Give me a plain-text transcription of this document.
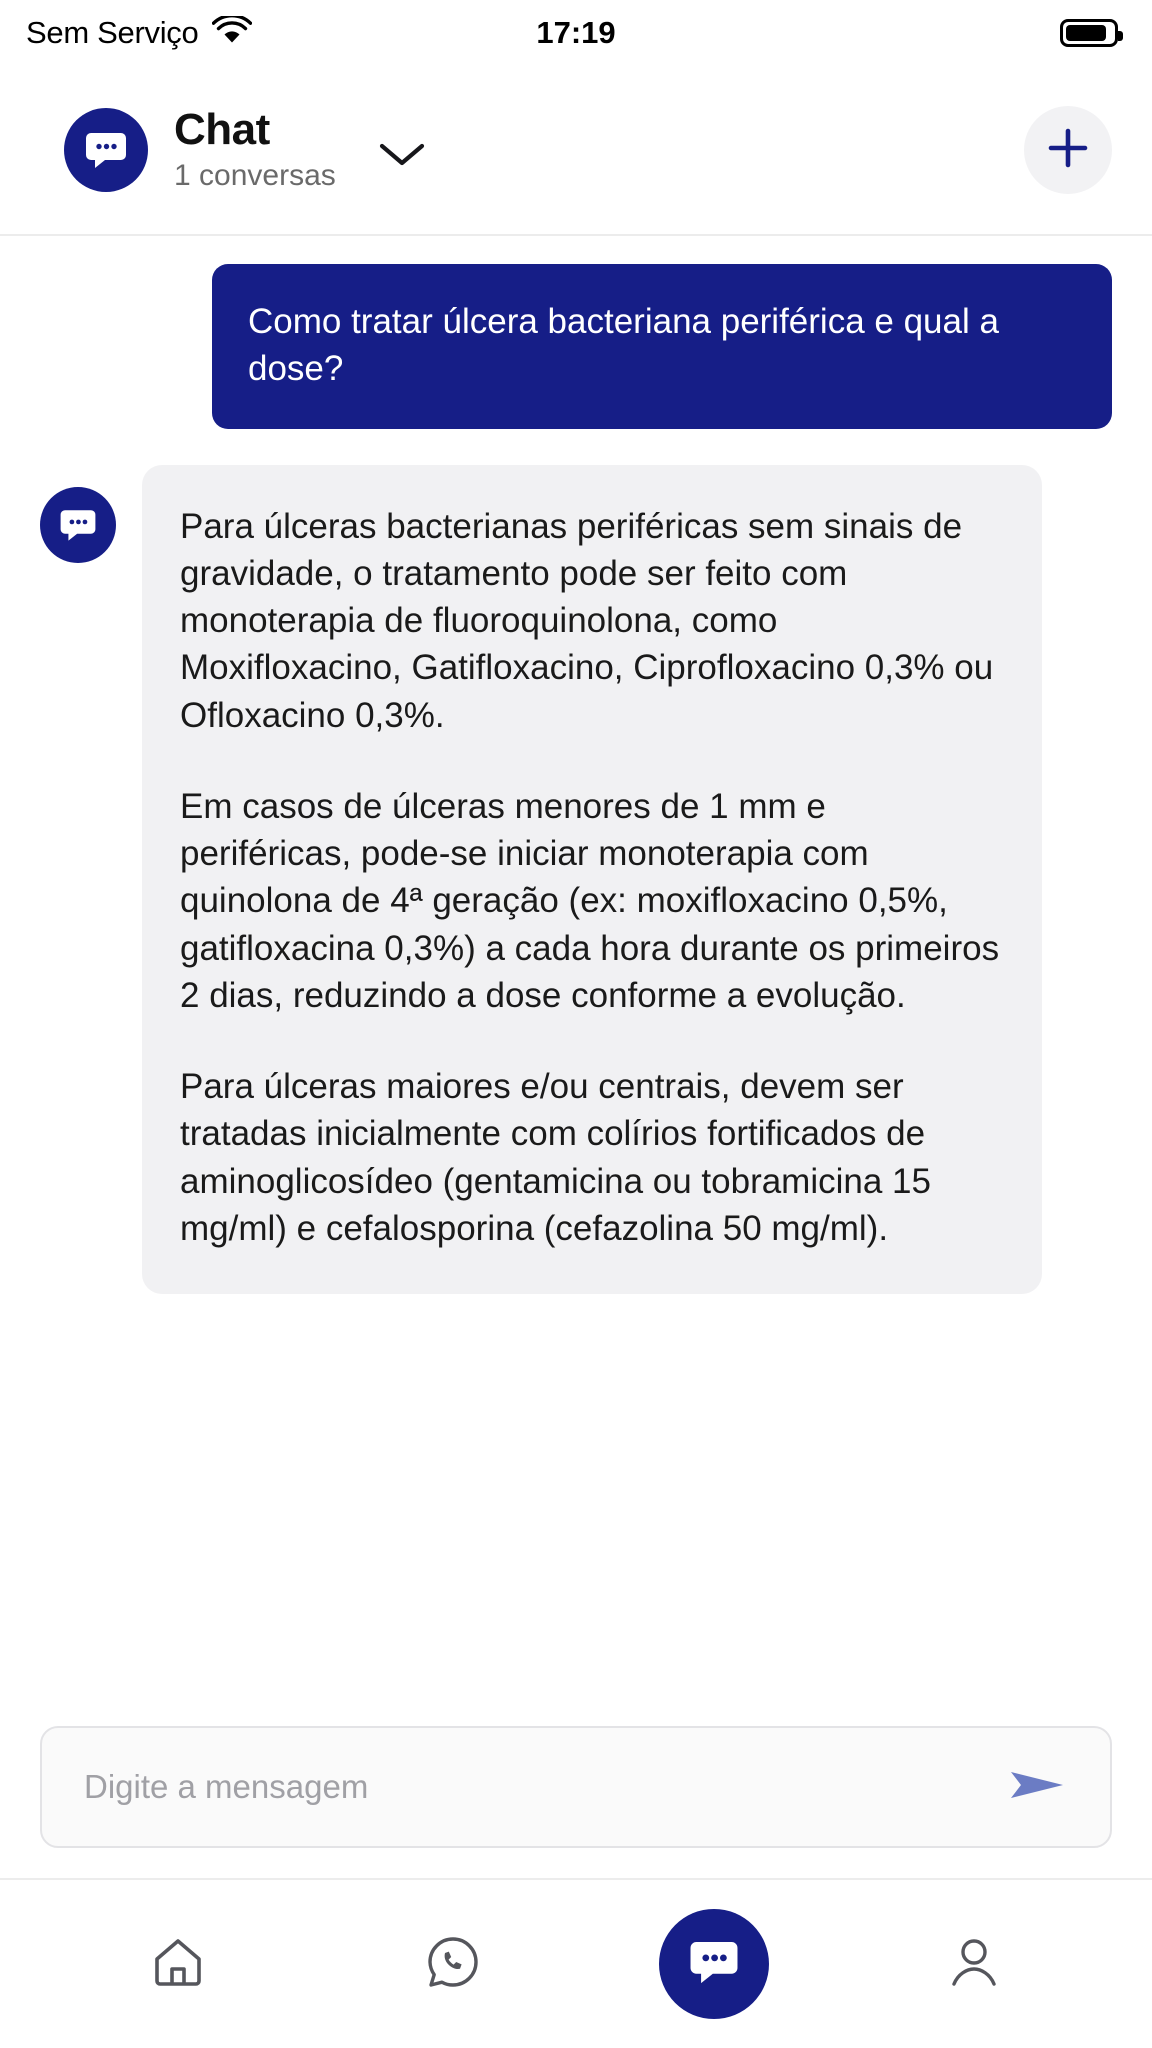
Sem Serviço	17:19
Chat
1 conversas
Como tratar úlcera bacteriana periférica e qual a dose?

Para úlceras bacterianas periféricas sem sinais de gravidade, o tratamento pode ser feito com monoterapia de fluoroquinolona, como Moxifloxacino, Gatifloxacino, Ciprofloxacino 0,3% ou Ofloxacino 0,3%.

Em casos de úlceras menores de 1 mm e periféricas, pode-se iniciar monoterapia com quinolona de 4ª geração (ex: moxifloxacino 0,5%, gatifloxacina 0,3%) a cada hora durante os primeiros 2 dias, reduzindo a dose conforme a evolução.

Para úlceras maiores e/ou centrais, devem ser tratadas inicialmente com colírios fortificados de aminoglicosídeo (gentamicina ou tobramicina 15 mg/ml) e cefalosporina (cefazolina 50 mg/ml).

Digite a mensagem
